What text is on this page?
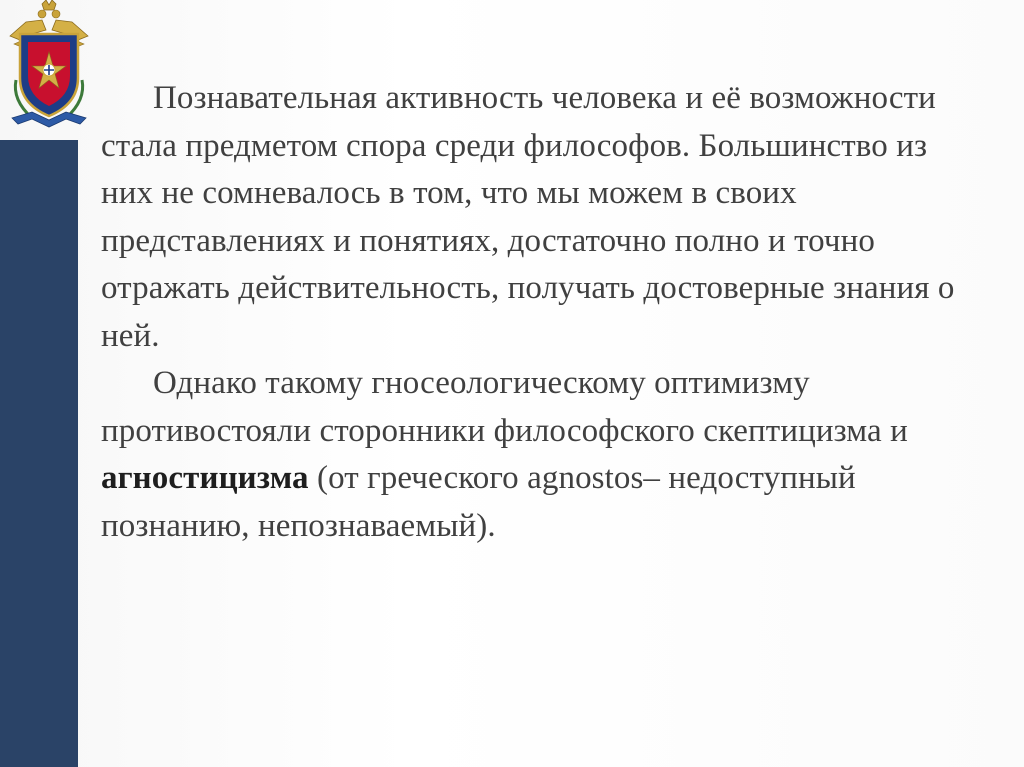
Познавательная активность человека и её возможности стала предметом спора среди философов. Большинство из них не сомневалось в том, что мы можем в своих представлениях и понятиях, достаточно полно и точно отражать действительность, получать достоверные знания о ней.

Однако такому гносеологическому оптимизму противостояли сторонники философского скептицизма и агностицизма (от греческого agnostos– недоступный познанию, непознаваемый).
